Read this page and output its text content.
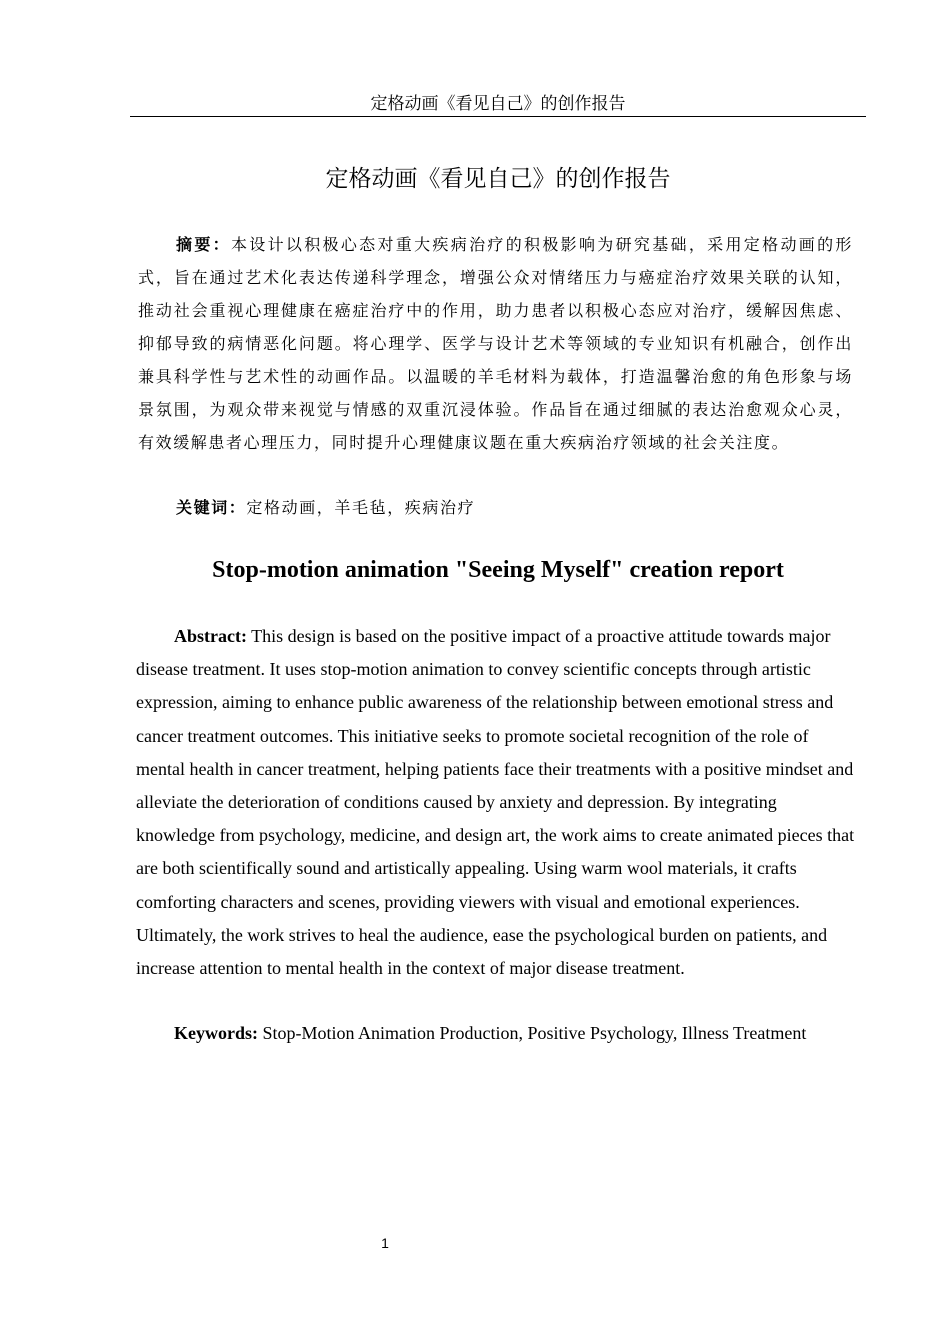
定格动画《看见自己》的创作报告
定格动画《看见自己》的创作报告

摘要：本设计以积极心态对重大疾病治疗的积极影响为研究基础，采用定格动画的形式，旨在通过艺术化表达传递科学理念，增强公众对情绪压力与癌症治疗效果关联的认知，推动社会重视心理健康在癌症治疗中的作用，助力患者以积极心态应对治疗，缓解因焦虑、抑郁导致的病情恶化问题。将心理学、医学与设计艺术等领域的专业知识有机融合，创作出兼具科学性与艺术性的动画作品。以温暖的羊毛材料为载体，打造温馨治愈的角色形象与场景氛围，为观众带来视觉与情感的双重沉浸体验。作品旨在通过细腻的表达治愈观众心灵，有效缓解患者心理压力，同时提升心理健康议题在重大疾病治疗领域的社会关注度。

关键词：定格动画，羊毛毡，疾病治疗
Stop-motion animation "Seeing Myself" creation report

Abstract: This design is based on the positive impact of a proactive attitude towards major disease treatment. It uses stop-motion animation to convey scientific concepts through artistic expression, aiming to enhance public awareness of the relationship between emotional stress and cancer treatment outcomes. This initiative seeks to promote societal recognition of the role of mental health in cancer treatment, helping patients face their treatments with a positive mindset and alleviate the deterioration of conditions caused by anxiety and depression. By integrating knowledge from psychology, medicine, and design art, the work aims to create animated pieces that are both scientifically sound and artistically appealing. Using warm wool materials, it crafts comforting characters and scenes, providing viewers with visual and emotional experiences. Ultimately, the work strives to heal the audience, ease the psychological burden on patients, and increase attention to mental health in the context of major disease treatment.

Keywords: Stop-Motion Animation Production, Positive Psychology, Illness Treatment
1
